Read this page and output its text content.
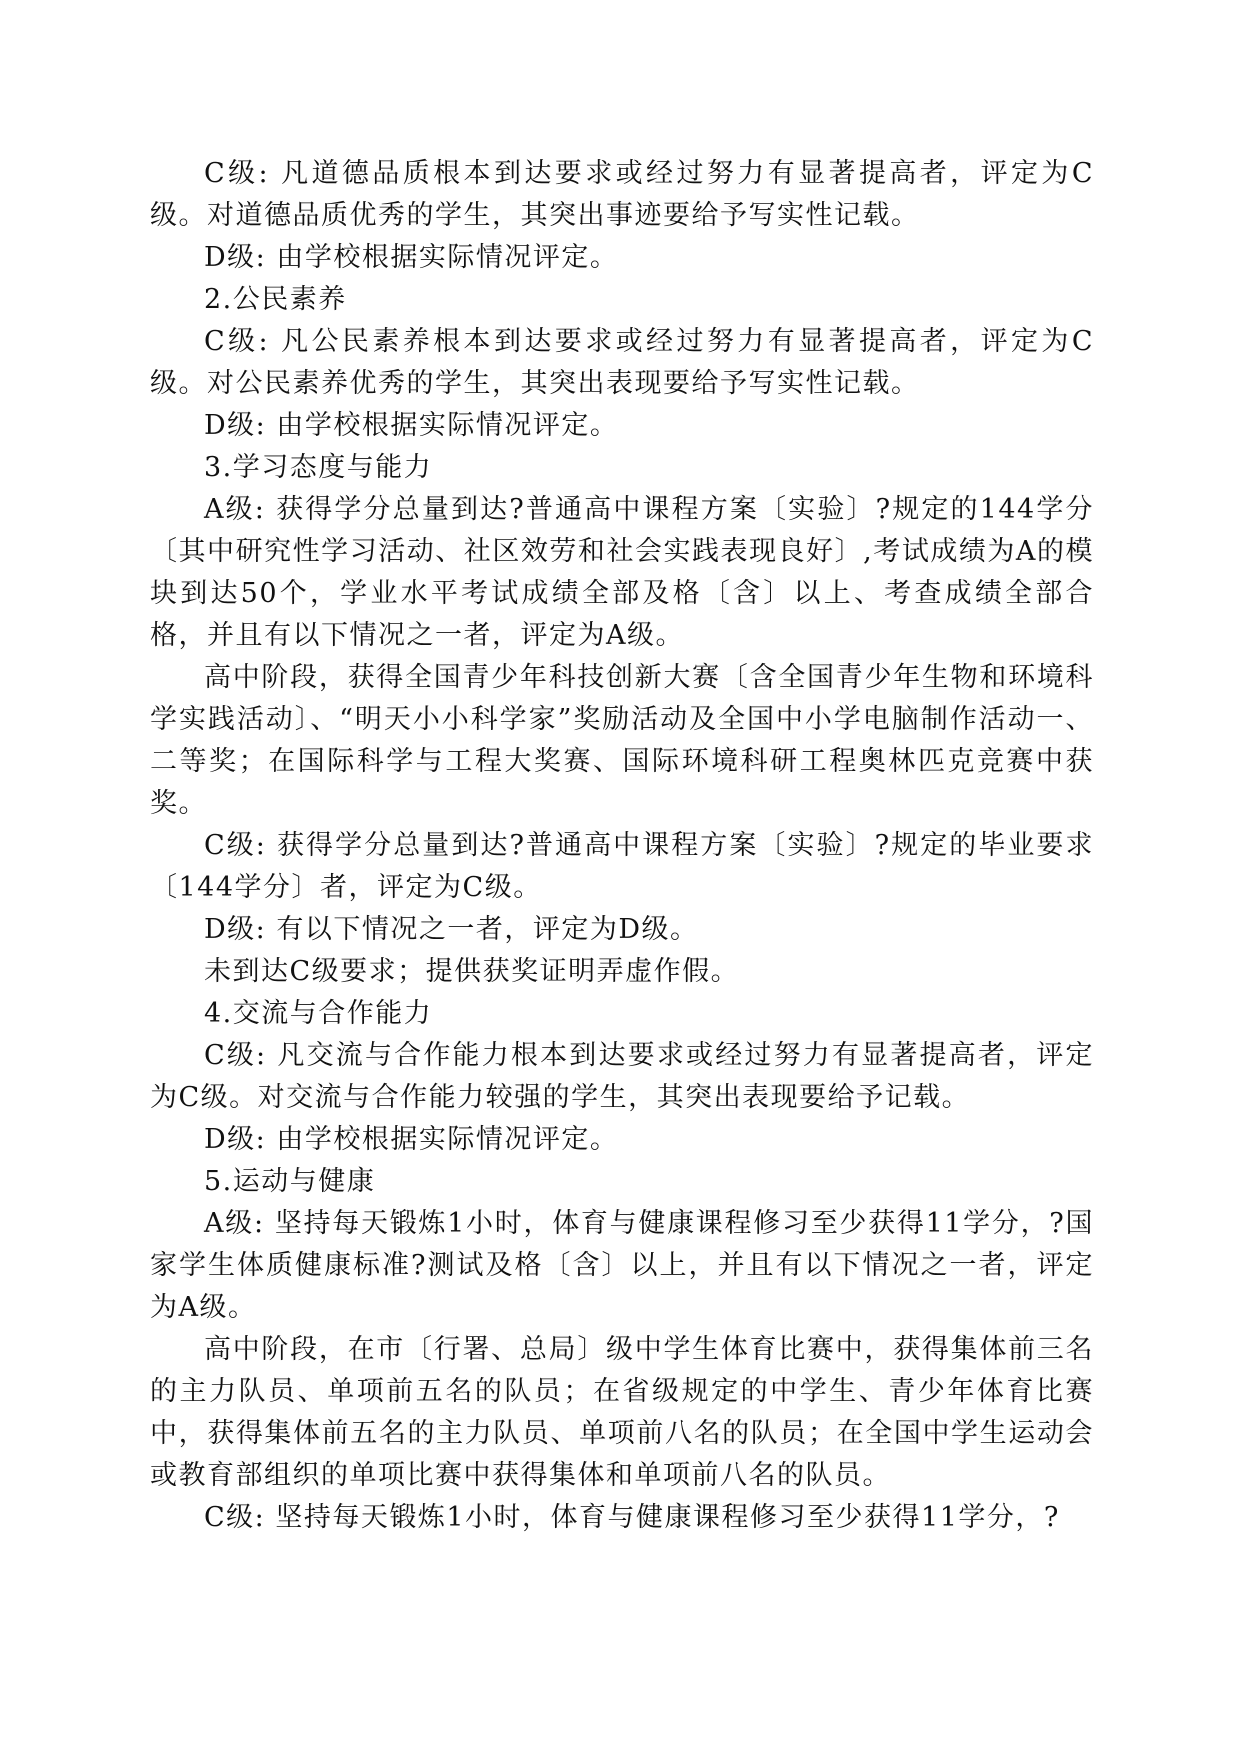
C级: 凡道德品质根本到达要求或经过努力有显著提高者，评定为C级。对道德品质优秀的学生，其突出事迹要给予写实性记载。

D级: 由学校根据实际情况评定。

2.公民素养

C级: 凡公民素养根本到达要求或经过努力有显著提高者，评定为C级。对公民素养优秀的学生，其突出表现要给予写实性记载。

D级: 由学校根据实际情况评定。

3.学习态度与能力

A级: 获得学分总量到达?普通高中课程方案〔实验〕?规定的144学分〔其中研究性学习活动、社区效劳和社会实践表现良好〕,考试成绩为A的模块到达50个，学业水平考试成绩全部及格〔含〕以上、考查成绩全部合格，并且有以下情况之一者，评定为A级。

高中阶段，获得全国青少年科技创新大赛〔含全国青少年生物和环境科学实践活动〕、“明天小小科学家”奖励活动及全国中小学电脑制作活动一、二等奖；在国际科学与工程大奖赛、国际环境科研工程奥林匹克竞赛中获奖。

C级: 获得学分总量到达?普通高中课程方案〔实验〕?规定的毕业要求〔144学分〕者，评定为C级。

D级: 有以下情况之一者，评定为D级。

未到达C级要求；提供获奖证明弄虚作假。

4.交流与合作能力

C级: 凡交流与合作能力根本到达要求或经过努力有显著提高者，评定为C级。对交流与合作能力较强的学生，其突出表现要给予记载。

D级: 由学校根据实际情况评定。

5.运动与健康

A级: 坚持每天锻炼1小时，体育与健康课程修习至少获得11学分，?国家学生体质健康标准?测试及格〔含〕以上，并且有以下情况之一者，评定为A级。

高中阶段，在市〔行署、总局〕级中学生体育比赛中，获得集体前三名的主力队员、单项前五名的队员；在省级规定的中学生、青少年体育比赛中，获得集体前五名的主力队员、单项前八名的队员；在全国中学生运动会或教育部组织的单项比赛中获得集体和单项前八名的队员。

C级: 坚持每天锻炼1小时，体育与健康课程修习至少获得11学分，?
